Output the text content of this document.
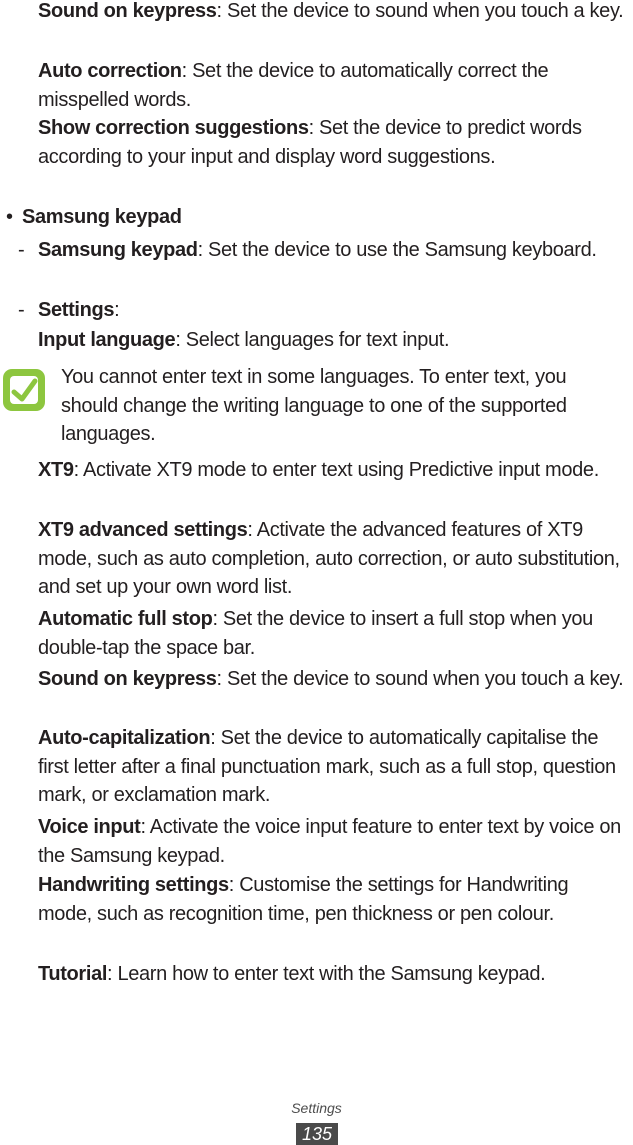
Sound on keypress: Set the device to sound when you touch a key.
Auto correction: Set the device to automatically correct the misspelled words.
Show correction suggestions: Set the device to predict words according to your input and display word suggestions.
• Samsung keypad
- Samsung keypad: Set the device to use the Samsung keyboard.
- Settings:
Input language: Select languages for text input.
You cannot enter text in some languages. To enter text, you should change the writing language to one of the supported languages.
XT9: Activate XT9 mode to enter text using Predictive input mode.
XT9 advanced settings: Activate the advanced features of XT9 mode, such as auto completion, auto correction, or auto substitution, and set up your own word list.
Automatic full stop: Set the device to insert a full stop when you double-tap the space bar.
Sound on keypress: Set the device to sound when you touch a key.
Auto-capitalization: Set the device to automatically capitalise the first letter after a final punctuation mark, such as a full stop, question mark, or exclamation mark.
Voice input: Activate the voice input feature to enter text by voice on the Samsung keypad.
Handwriting settings: Customise the settings for Handwriting mode, such as recognition time, pen thickness or pen colour.
Tutorial: Learn how to enter text with the Samsung keypad.
Settings
135
